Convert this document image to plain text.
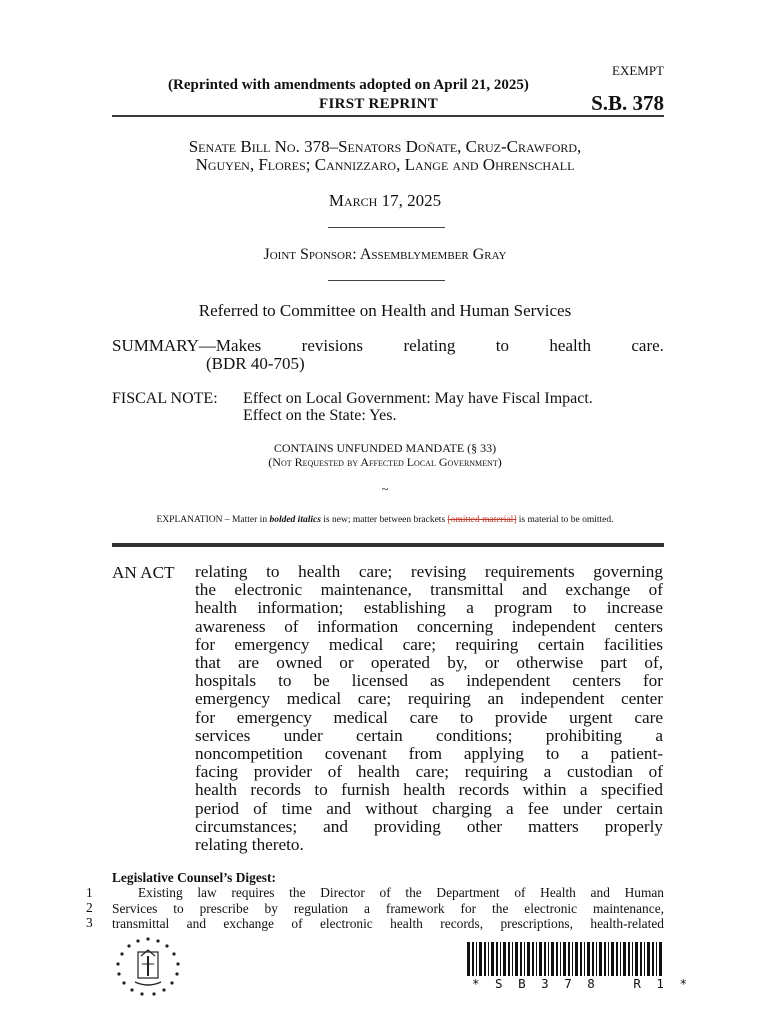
EXEMPT
(Reprinted with amendments adopted on April 21, 2025)
FIRST REPRINT	S.B. 378
Senate Bill No. 378–Senators Doñate, Cruz-Crawford,
Nguyen, Flores; Cannizzaro, Lange and Ohrenschall
March 17, 2025
Joint Sponsor: Assemblymember Gray
Referred to Committee on Health and Human Services
SUMMARY—Makes revisions relating to health care.
(BDR 40-705)
FISCAL NOTE: Effect on Local Government: May have Fiscal Impact.
Effect on the State: Yes.
CONTAINS UNFUNDED MANDATE (§ 33)
(Not Requested by Affected Local Government)
~
EXPLANATION – Matter in bolded italics is new; matter between brackets [omitted material] is material to be omitted.
AN ACT relating to health care; revising requirements governing
the electronic maintenance, transmittal and exchange of
health information; establishing a program to increase
awareness of information concerning independent centers
for emergency medical care; requiring certain facilities
that are owned or operated by, or otherwise part of,
hospitals to be licensed as independent centers for
emergency medical care; requiring an independent center
for emergency medical care to provide urgent care
services under certain conditions; prohibiting a
noncompetition covenant from applying to a patient-
facing provider of health care; requiring a custodian of
health records to furnish health records within a specified
period of time and without charging a fee under certain
circumstances; and providing other matters properly
relating thereto.
Legislative Counsel’s Digest:
1
2
3
Existing law requires the Director of the Department of Health and Human
Services to prescribe by regulation a framework for the electronic maintenance,
transmittal and exchange of electronic health records, prescriptions, health-related
* S B 3 7 8   R 1 *
